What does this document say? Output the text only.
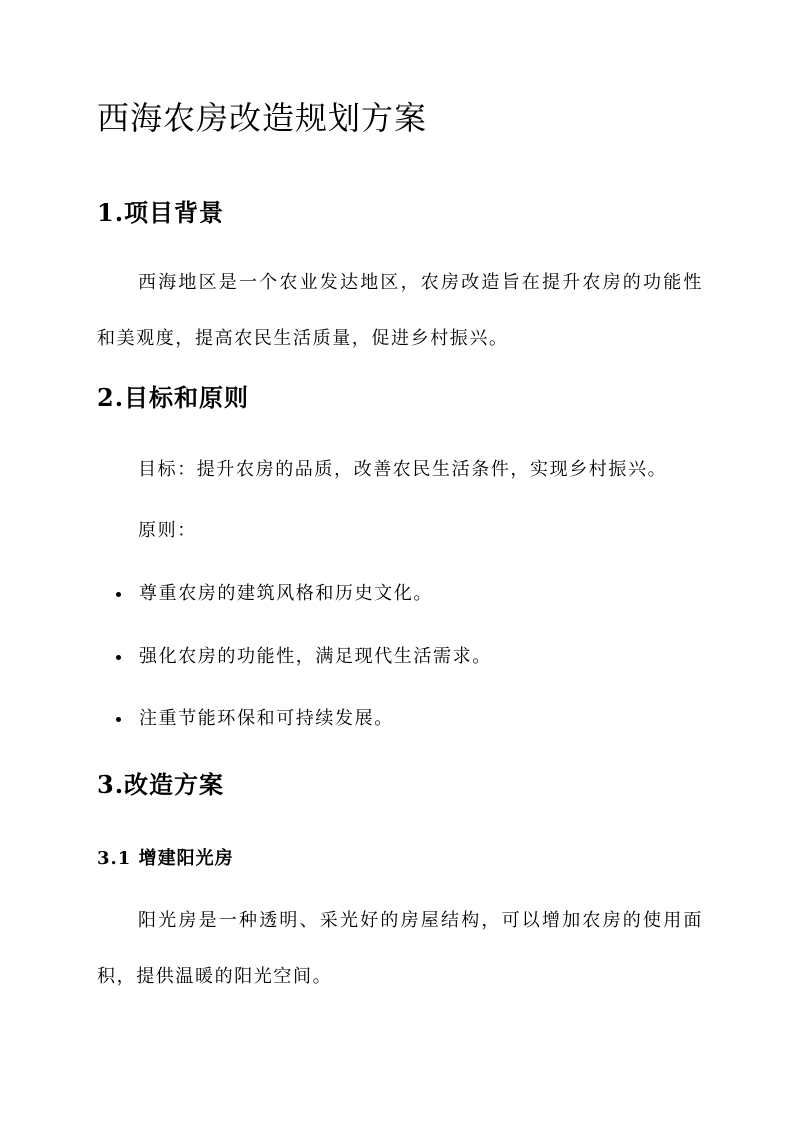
西海农房改造规划方案
1.项目背景

西海地区是一个农业发达地区，农房改造旨在提升农房的功能性和美观度，提高农民生活质量，促进乡村振兴。

2.目标和原则

目标：提升农房的品质，改善农民生活条件，实现乡村振兴。

原则：

尊重农房的建筑风格和历史文化。
强化农房的功能性，满足现代生活需求。
注重节能环保和可持续发展。
3.改造方案
3.1 增建阳光房

阳光房是一种透明、采光好的房屋结构，可以增加农房的使用面积，提供温暖的阳光空间。
